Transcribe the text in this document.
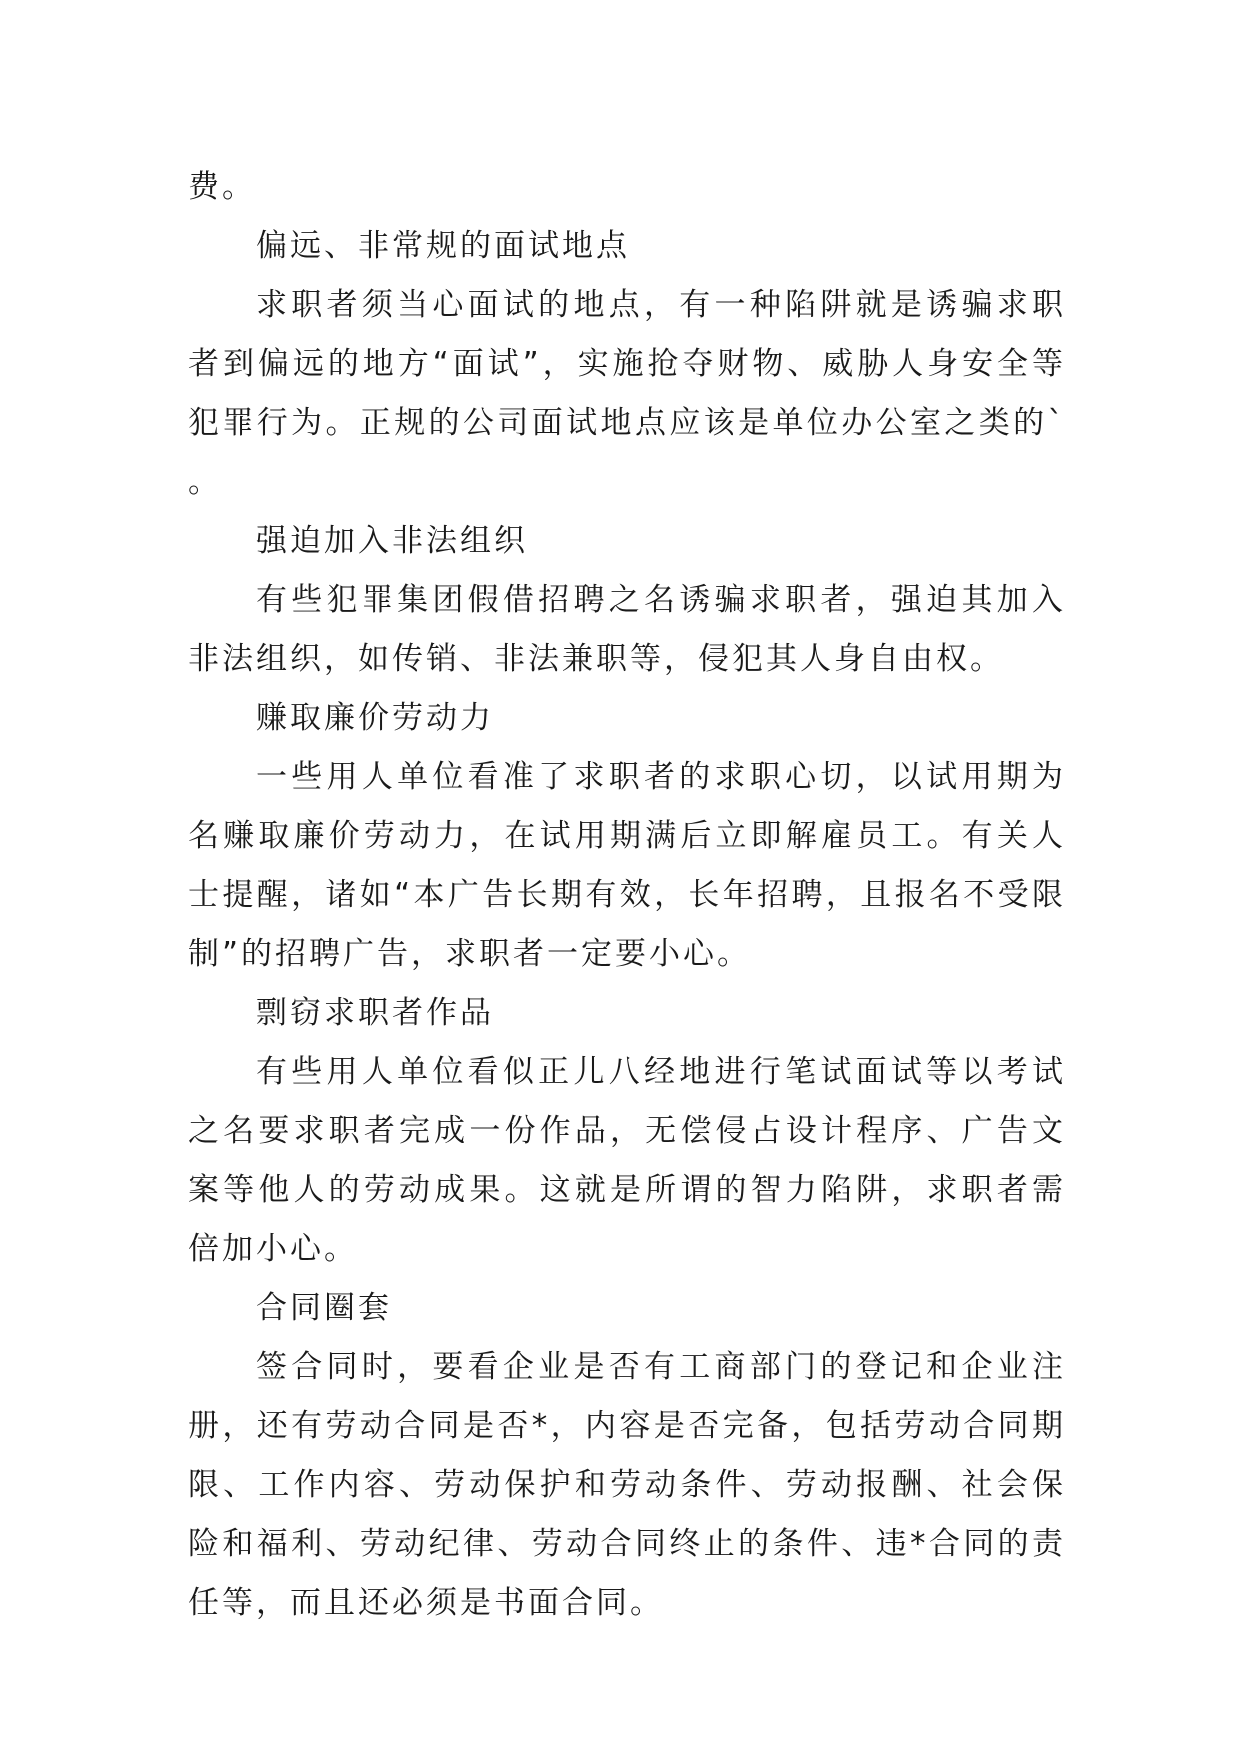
费。

偏远、非常规的面试地点

求职者须当心面试的地点，有一种陷阱就是诱骗求职者到偏远的地方“面试”，实施抢夺财物、威胁人身安全等犯罪行为。正规的公司面试地点应该是单位办公室之类的`。

强迫加入非法组织

有些犯罪集团假借招聘之名诱骗求职者，强迫其加入非法组织，如传销、非法兼职等，侵犯其人身自由权。

赚取廉价劳动力

一些用人单位看准了求职者的求职心切，以试用期为名赚取廉价劳动力，在试用期满后立即解雇员工。有关人士提醒，诸如“本广告长期有效，长年招聘，且报名不受限制”的招聘广告，求职者一定要小心。

剽窃求职者作品

有些用人单位看似正儿八经地进行笔试面试等以考试之名要求职者完成一份作品，无偿侵占设计程序、广告文案等他人的劳动成果。这就是所谓的智力陷阱，求职者需倍加小心。

合同圈套

签合同时，要看企业是否有工商部门的登记和企业注册，还有劳动合同是否*，内容是否完备，包括劳动合同期限、工作内容、劳动保护和劳动条件、劳动报酬、社会保险和福利、劳动纪律、劳动合同终止的条件、违*合同的责任等，而且还必须是书面合同。
